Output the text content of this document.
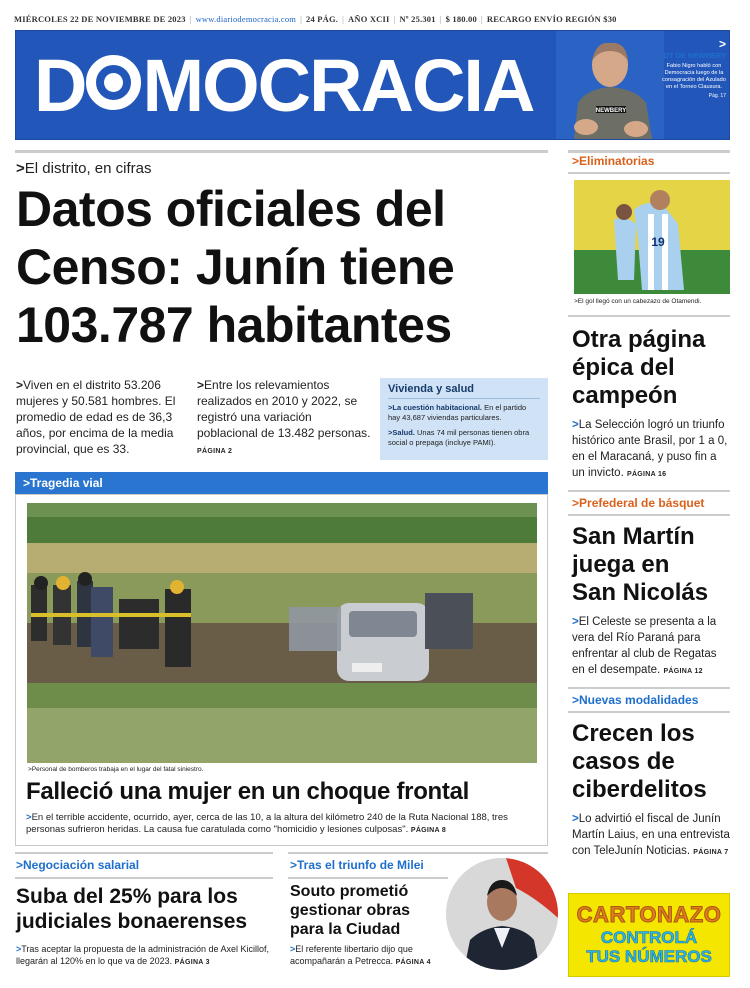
MIÉRCOLES 22 DE NOVIEMBRE DE 2023 | www.diariodemocracia.com | 24 PÁG. | AÑO XCII | Nº 25.301 | $ 180.00 | RECARGO ENVÍO REGIÓN $30
D MOCRACIA	NEWBERY
>
DT DE NEWBERY
Fabio Nigro habló con Democracia luego de la consagración del Azulado en el Torneo Clausura.
Pág. 17
>El distrito, en cifras
Datos oficiales del
Censo: Junín tiene
103.787 habitantes
>Viven en el distrito 53.206 mujeres y 50.581 hombres. El promedio de edad es de 36,3 años, por encima de la media provincial, que es 33.
>Entre los relevamientos realizados en 2010 y 2022, se registró una variación poblacional de 13.482 personas. PÁGINA 2
Vivienda y salud

>La cuestión habitacional. En el partido hay 43,687 viviendas particulares.

>Salud. Unas 74 mil personas tienen obra social o prepaga (incluye PAMI).

>Tragedia vial
>Personal de bomberos trabaja en el lugar del fatal siniestro.
Falleció una mujer en un choque frontal
>En el terrible accidente, ocurrido, ayer, cerca de las 10, a la altura del kilómetro 240 de la Ruta Nacional 188, tres personas sufrieron heridas. La causa fue caratulada como "homicidio y lesiones culposas". PÁGINA 8
>Negociación salarial
Suba del 25% para los
judiciales bonaerenses
>Tras aceptar la propuesta de la administración de Axel Kicillof, llegarán al 120% en lo que va de 2023. PÁGINA 3
>Tras el triunfo de Milei
Souto prometió
gestionar obras
para la Ciudad
>El referente libertario dijo que acompañarán a Petrecca. PÁGINA 4
>Eliminatorias
19
>El gol llegó con un cabezazo de Otamendi.
Otra página
épica del
campeón
>La Selección logró un triunfo histórico ante Brasil, por 1 a 0, en el Maracaná, y puso fin a un invicto. PÁGINA 16
>Prefederal de básquet
San Martín
juega en
San Nicolás
>El Celeste se presenta a la vera del Río Paraná para enfrentar al club de Regatas en el desempate. PÁGINA 12
>Nuevas modalidades
Crecen los
casos de
ciberdelitos
>Lo advirtió el fiscal de Junín Martín Laius, en una entrevista con TeleJunín Noticias. PÁGINA 7
CARTONAZO
CONTROLÁ
TUS NÚMEROS
